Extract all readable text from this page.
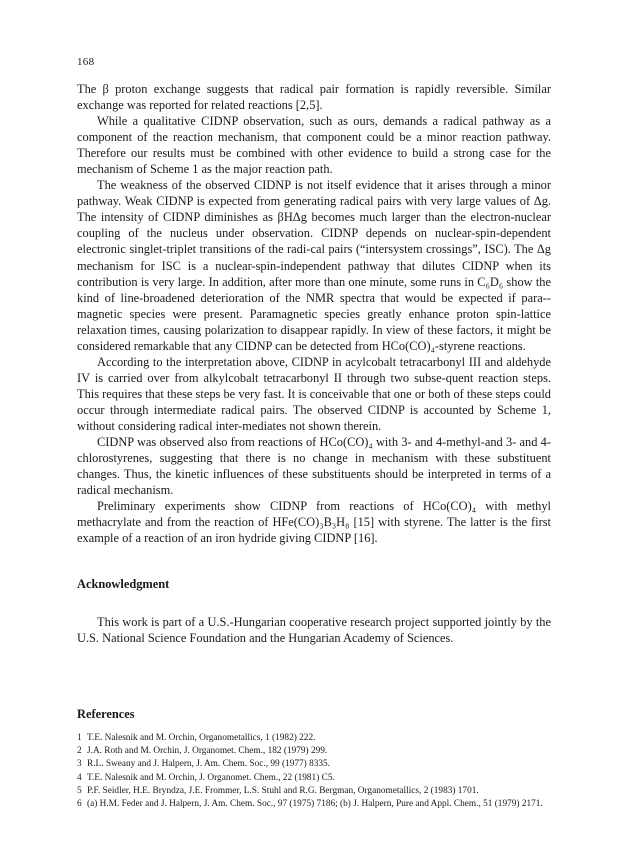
168

The β proton exchange suggests that radical pair formation is rapidly reversible. Similar exchange was reported for related reactions [2,5].

While a qualitative CIDNP observation, such as ours, demands a radical pathway as a component of the reaction mechanism, that component could be a minor reaction pathway. Therefore our results must be combined with other evidence to build a strong case for the mechanism of Scheme 1 as the major reaction path.

The weakness of the observed CIDNP is not itself evidence that it arises through a minor pathway. Weak CIDNP is expected from generating radical pairs with very large values of Δg. The intensity of CIDNP diminishes as βHΔg becomes much larger than the electron-nuclear coupling of the nucleus under observation. CIDNP depends on nuclear-spin-dependent electronic singlet-triplet transitions of the radi-cal pairs (“intersystem crossings”, ISC). The Δg mechanism for ISC is a nuclear-spin-independent pathway that dilutes CIDNP when its contribution is very large. In addition, after more than one minute, some runs in C₆D₆ show the kind of line-broadened deterioration of the NMR spectra that would be expected if para-magnetic species were present. Paramagnetic species greatly enhance proton spin-lattice relaxation times, causing polarization to disappear rapidly. In view of these factors, it might be considered remarkable that any CIDNP can be detected from HCo(CO)₄-styrene reactions.

According to the interpretation above, CIDNP in acylcobalt tetracarbonyl III and aldehyde IV is carried over from alkylcobalt tetracarbonyl II through two subse-quent reaction steps. This requires that these steps be very fast. It is conceivable that one or both of these steps could occur through intermediate radical pairs. The observed CIDNP is accounted by Scheme 1, without considering radical inter-mediates not shown therein.

CIDNP was observed also from reactions of HCo(CO)₄ with 3- and 4-methyl-and 3- and 4-chlorostyrenes, suggesting that there is no change in mechanism with these substituent changes. Thus, the kinetic influences of these substituents should be interpreted in terms of a radical mechanism.

Preliminary experiments show CIDNP from reactions of HCo(CO)₄ with methyl methacrylate and from the reaction of HFe(CO)₃B₃H₈ [15] with styrene. The latter is the first example of a reaction of an iron hydride giving CIDNP [16].

Acknowledgment

This work is part of a U.S.-Hungarian cooperative research project supported jointly by the U.S. National Science Foundation and the Hungarian Academy of Sciences.

References
1 T.E. Nalesnik and M. Orchin, Organometallics, 1 (1982) 222.
2 J.A. Roth and M. Orchin, J. Organomet. Chem., 182 (1979) 299.
3 R.L. Sweany and J. Halpern, J. Am. Chem. Soc., 99 (1977) 8335.
4 T.E. Nalesnik and M. Orchin, J. Organomet. Chem., 22 (1981) C5.
5 P.F. Seidler, H.E. Bryndza, J.E. Frommer, L.S. Stuhl and R.G. Bergman, Organometallics, 2 (1983) 1701.
6 (a) H.M. Feder and J. Halpern, J. Am. Chem. Soc., 97 (1975) 7186; (b) J. Halpern, Pure and Appl. Chem., 51 (1979) 2171.
